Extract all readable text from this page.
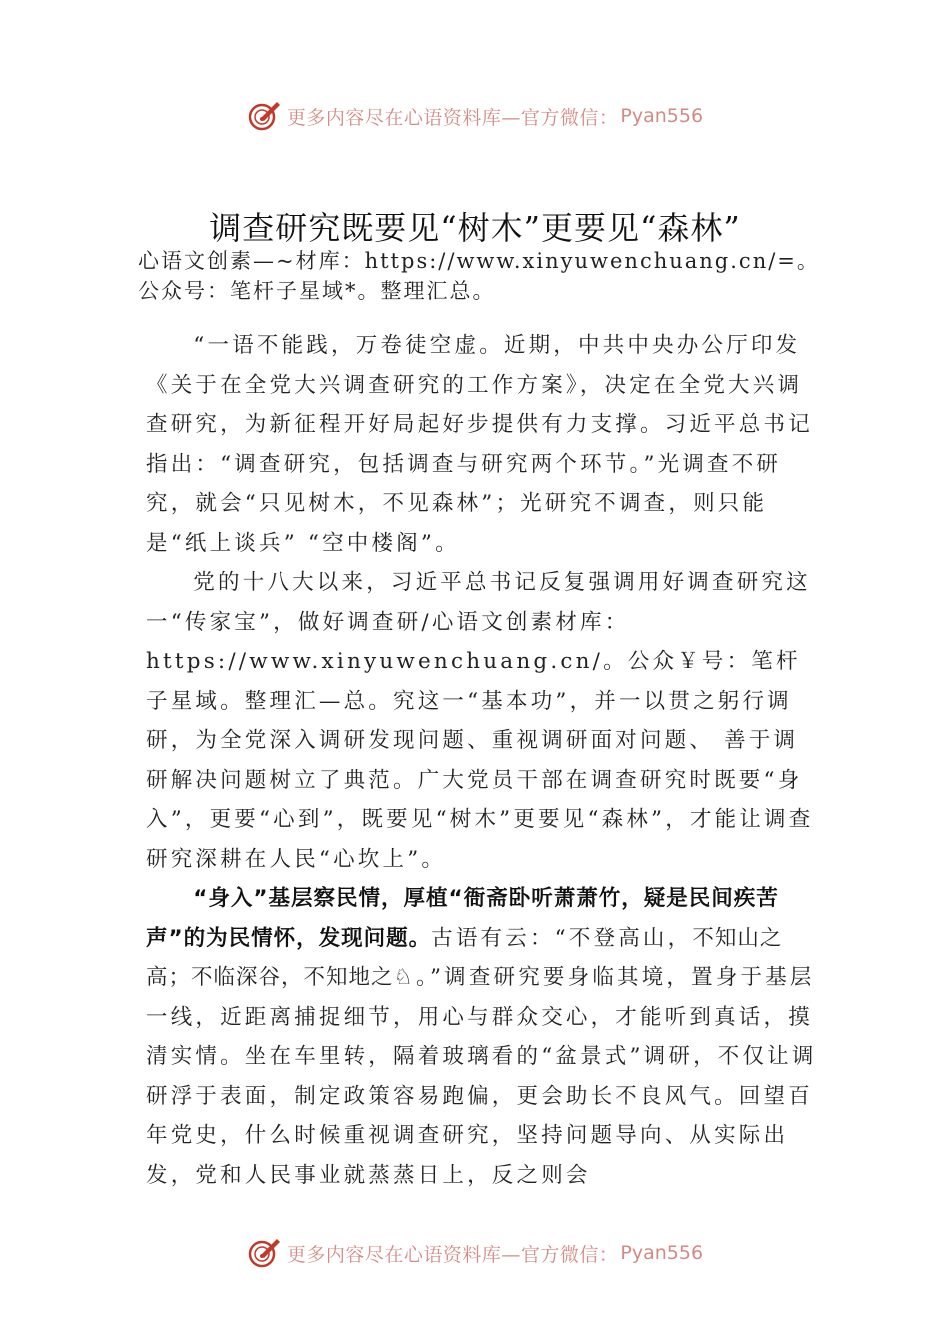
更多内容尽在心语资料库—官方微信： Pyan556
调查研究既要见“树木”更要见“森林”

心语文创素—~材库：https://www.xinyuwenchuang.cn/=。公众号：笔杆子星域*。整理汇总。

“一语不能践，万卷徒空虚。近期，中共中央办公厅印发《关于在全党大兴调查研究的工作方案》，决定在全党大兴调查研究，为新征程开好局起好步提供有力支撑。习近平总书记指出：“调查研究，包括调查与研究两个环节。”光调查不研究，就会“只见树木，不见森林”；光研究不调查，则只能是“纸上谈兵” “空中楼阁”。

党的十八大以来，习近平总书记反复强调用好调查研究这一“传家宝”，做好调查研/心语文创素材库：https://www.xinyuwenchuang.cn/。公众￥号：笔杆子星域。整理汇—总。究这一“基本功”，并一以贯之躬行调研，为全党深入调研发现问题、重视调研面对问题、 善于调研解决问题树立了典范。广大党员干部在调查研究时既要“身入”，更要“心到”，既要见“树木”更要见“森林”，才能让调查研究深耕在人民“心坎上”。

“身入”基层察民情，厚植“衙斋卧听萧萧竹，疑是民间疾苦声”的为民情怀，发现问题。古语有云：“不登高山，不知山之高；不临深谷，不知地之♘。”调查研究要身临其境，置身于基层一线，近距离捕捉细节，用心与群众交心，才能听到真话，摸清实情。坐在车里转，隔着玻璃看的“盆景式”调研，不仅让调研浮于表面，制定政策容易跑偏，更会助长不良风气。回望百年党史，什么时候重视调查研究，坚持问题导向、从实际出发，党和人民事业就蒸蒸日上，反之则会

更多内容尽在心语资料库—官方微信： Pyan556
